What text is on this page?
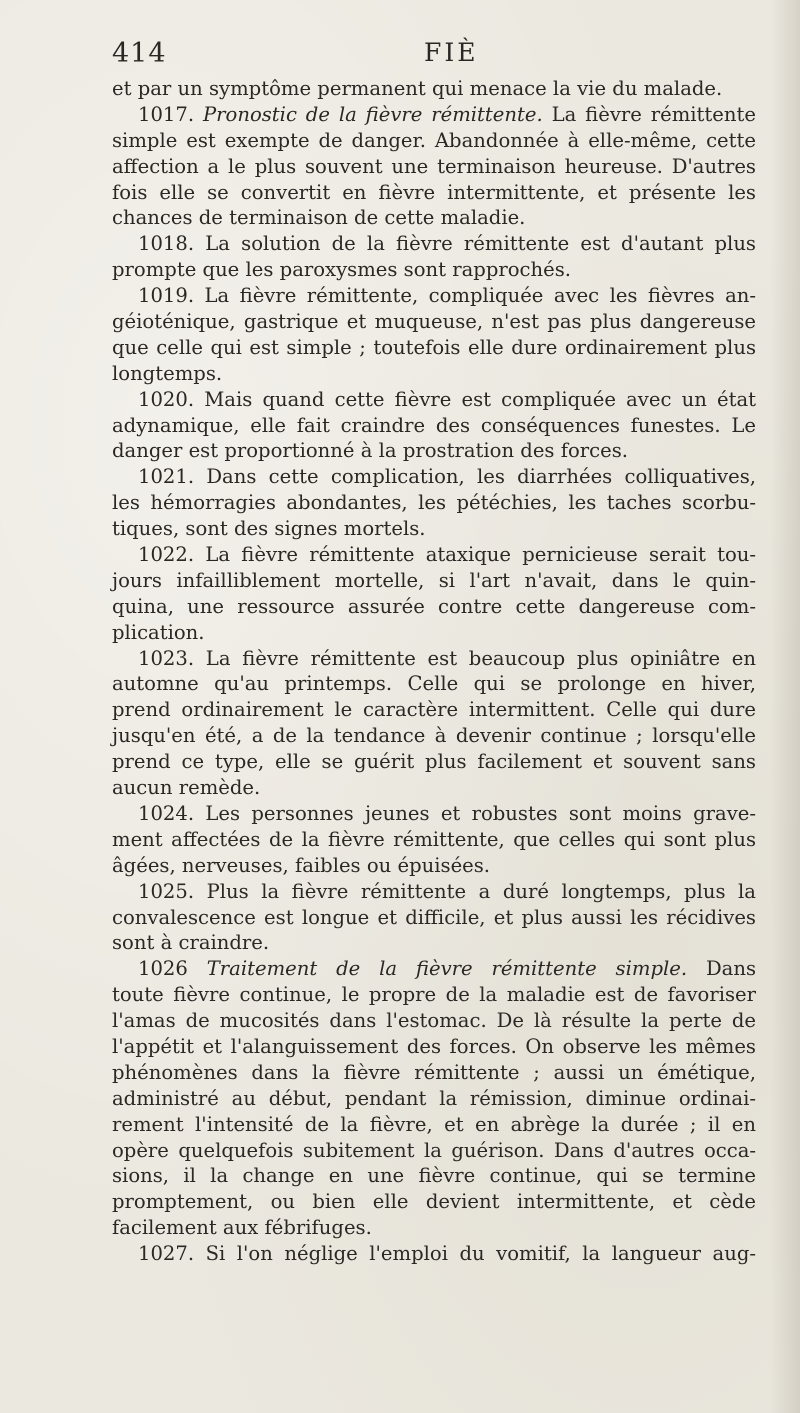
414	FIÈ
et par un symptôme permanent qui menace la vie du malade.
1017. Pronostic de la fièvre rémittente. La fièvre rémittente
simple est exempte de danger. Abandonnée à elle-même, cette
affection a le plus souvent une terminaison heureuse. D'autres
fois elle se convertit en fièvre intermittente, et présente les
chances de terminaison de cette maladie.
1018. La solution de la fièvre rémittente est d'autant plus
prompte que les paroxysmes sont rapprochés.
1019. La fièvre rémittente, compliquée avec les fièvres an-
géioténique, gastrique et muqueuse, n'est pas plus dangereuse
que celle qui est simple ; toutefois elle dure ordinairement plus
longtemps.
1020. Mais quand cette fièvre est compliquée avec un état
adynamique, elle fait craindre des conséquences funestes. Le
danger est proportionné à la prostration des forces.
1021. Dans cette complication, les diarrhées colliquatives,
les hémorragies abondantes, les pétéchies, les taches scorbu-
tiques, sont des signes mortels.
1022. La fièvre rémittente ataxique pernicieuse serait tou-
jours infailliblement mortelle, si l'art n'avait, dans le quin-
quina, une ressource assurée contre cette dangereuse com-
plication.
1023. La fièvre rémittente est beaucoup plus opiniâtre en
automne qu'au printemps. Celle qui se prolonge en hiver,
prend ordinairement le caractère intermittent. Celle qui dure
jusqu'en été, a de la tendance à devenir continue ; lorsqu'elle
prend ce type, elle se guérit plus facilement et souvent sans
aucun remède.
1024. Les personnes jeunes et robustes sont moins grave-
ment affectées de la fièvre rémittente, que celles qui sont plus
âgées, nerveuses, faibles ou épuisées.
1025. Plus la fièvre rémittente a duré longtemps, plus la
convalescence est longue et difficile, et plus aussi les récidives
sont à craindre.
1026 Traitement de la fièvre rémittente simple. Dans
toute fièvre continue, le propre de la maladie est de favoriser
l'amas de mucosités dans l'estomac. De là résulte la perte de
l'appétit et l'alanguissement des forces. On observe les mêmes
phénomènes dans la fièvre rémittente ; aussi un émétique,
administré au début, pendant la rémission, diminue ordinai-
rement l'intensité de la fièvre, et en abrège la durée ; il en
opère quelquefois subitement la guérison. Dans d'autres occa-
sions, il la change en une fièvre continue, qui se termine
promptement, ou bien elle devient intermittente, et cède
facilement aux fébrifuges.
1027. Si l'on néglige l'emploi du vomitif, la langueur aug-
